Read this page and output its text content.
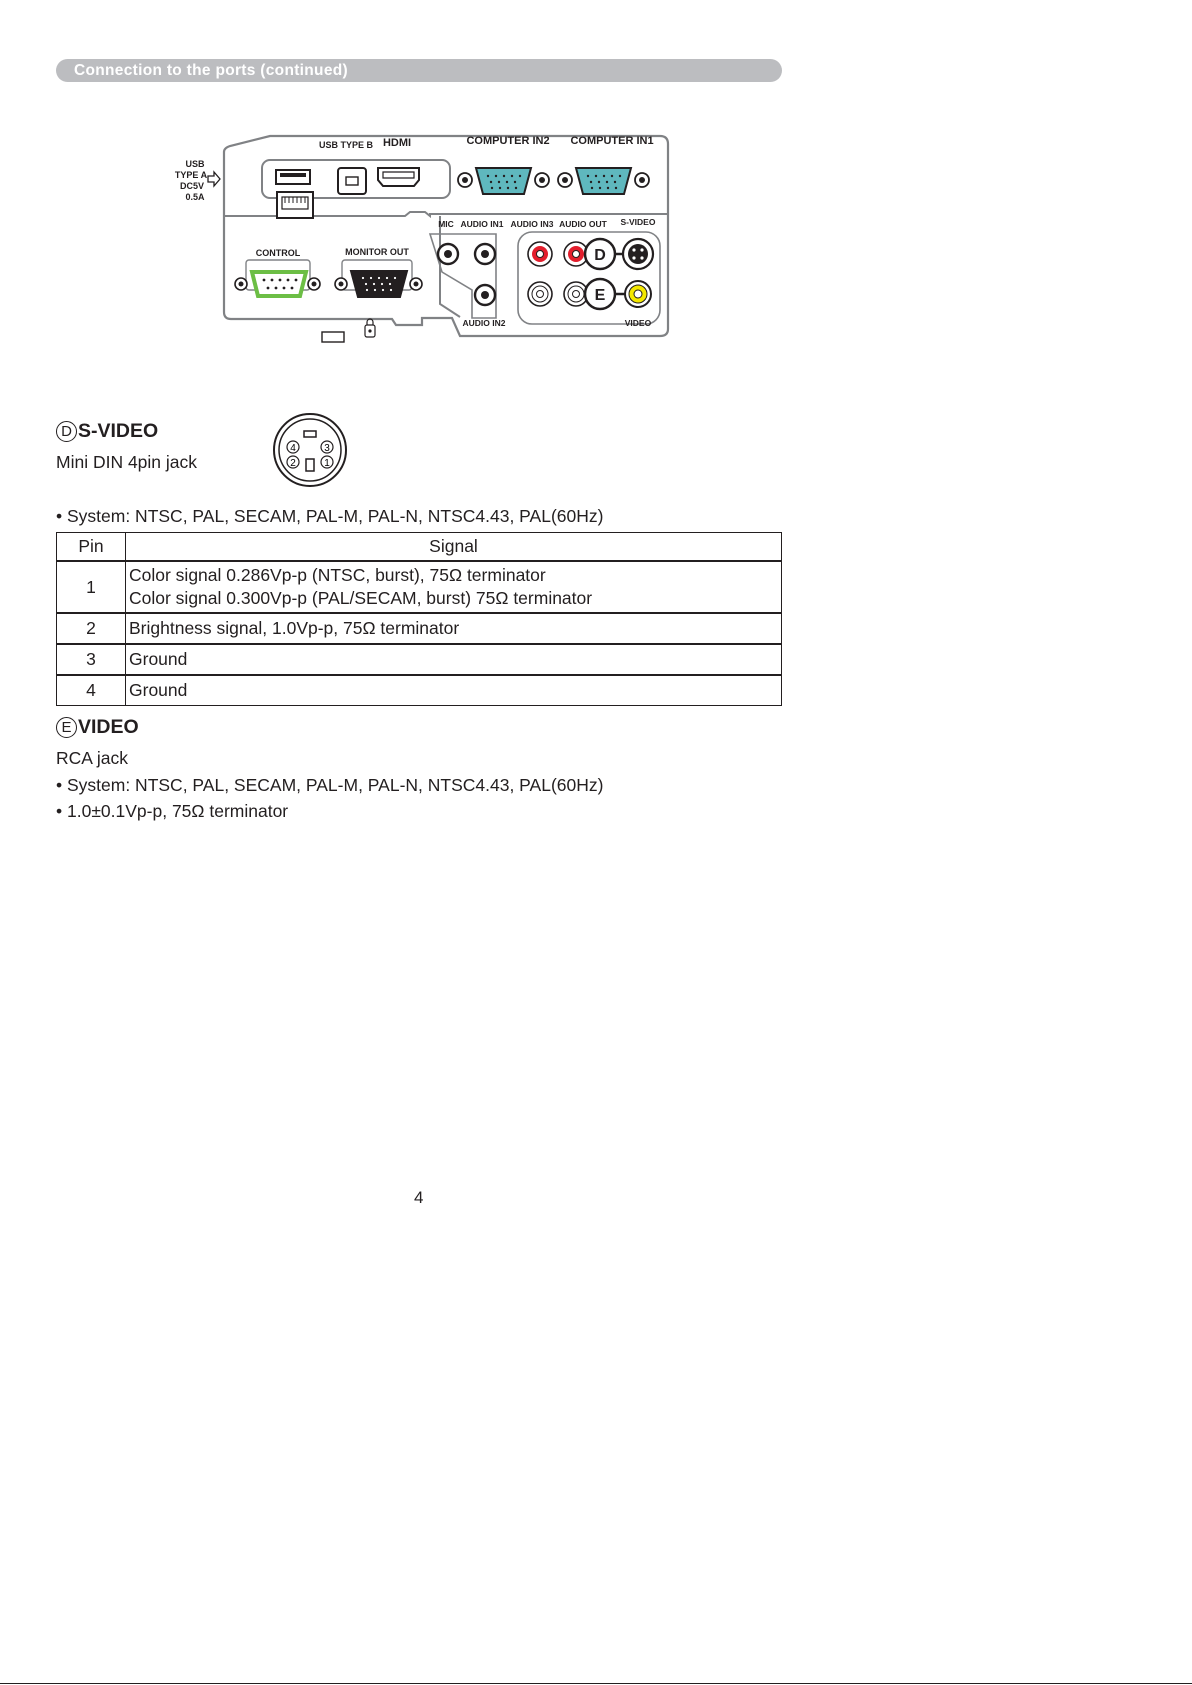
Connection to the ports (continued)
USB
TYPE A
DC5V
0.5A
USB TYPE B HDMI	COMPUTER IN2 COMPUTER IN1
MIC AUDIO IN1 AUDIO IN3 AUDIO OUT S-VIDEO
AUDIO IN2	VIDEO
D
E
CONTROL	MONITOR OUT
D S-VIDEO
Mini DIN 4pin jack
4	3
2	1
• System: NTSC, PAL, SECAM, PAL-M, PAL-N, NTSC4.43, PAL(60Hz)
Pin	Signal
1	Color signal 0.286Vp-p (NTSC, burst), 75Ω terminator
Color signal 0.300Vp-p (PAL/SECAM, burst) 75Ω terminator

2	Brightness signal, 1.0Vp-p, 75Ω terminator
3	Ground
4	Ground
E VIDEO
RCA jack
• System: NTSC, PAL, SECAM, PAL-M, PAL-N, NTSC4.43, PAL(60Hz)
• 1.0±0.1Vp-p, 75Ω terminator
4
